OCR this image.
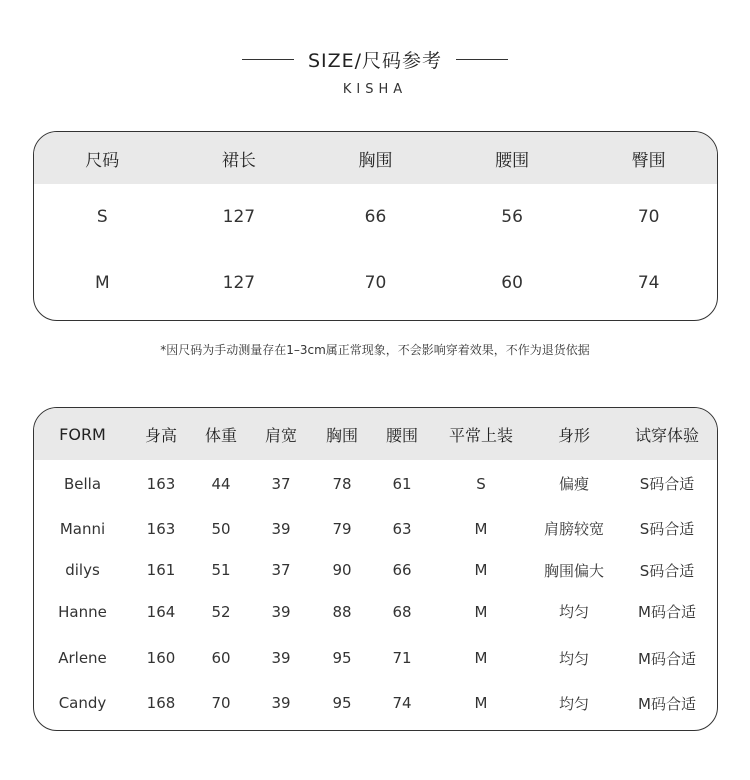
SIZE/尺码参考
KISHA
尺码	裙长	胸围	腰围	臀围
S	127	66	56	70
M	127	70	60	74
*因尺码为手动测量存在1–3cm属正常现象，不会影响穿着效果，不作为退货依据
FORM	身高	体重	肩宽	胸围	腰围	平常上装	身形	试穿体验
Bella	163	44	37	78	61	S	偏瘦	S码合适
Manni	163	50	39	79	63	M	肩膀较宽	S码合适
dilys	161	51	37	90	66	M	胸围偏大	S码合适
Hanne	164	52	39	88	68	M	均匀	M码合适
Arlene	160	60	39	95	71	M	均匀	M码合适
Candy	168	70	39	95	74	M	均匀	M码合适
